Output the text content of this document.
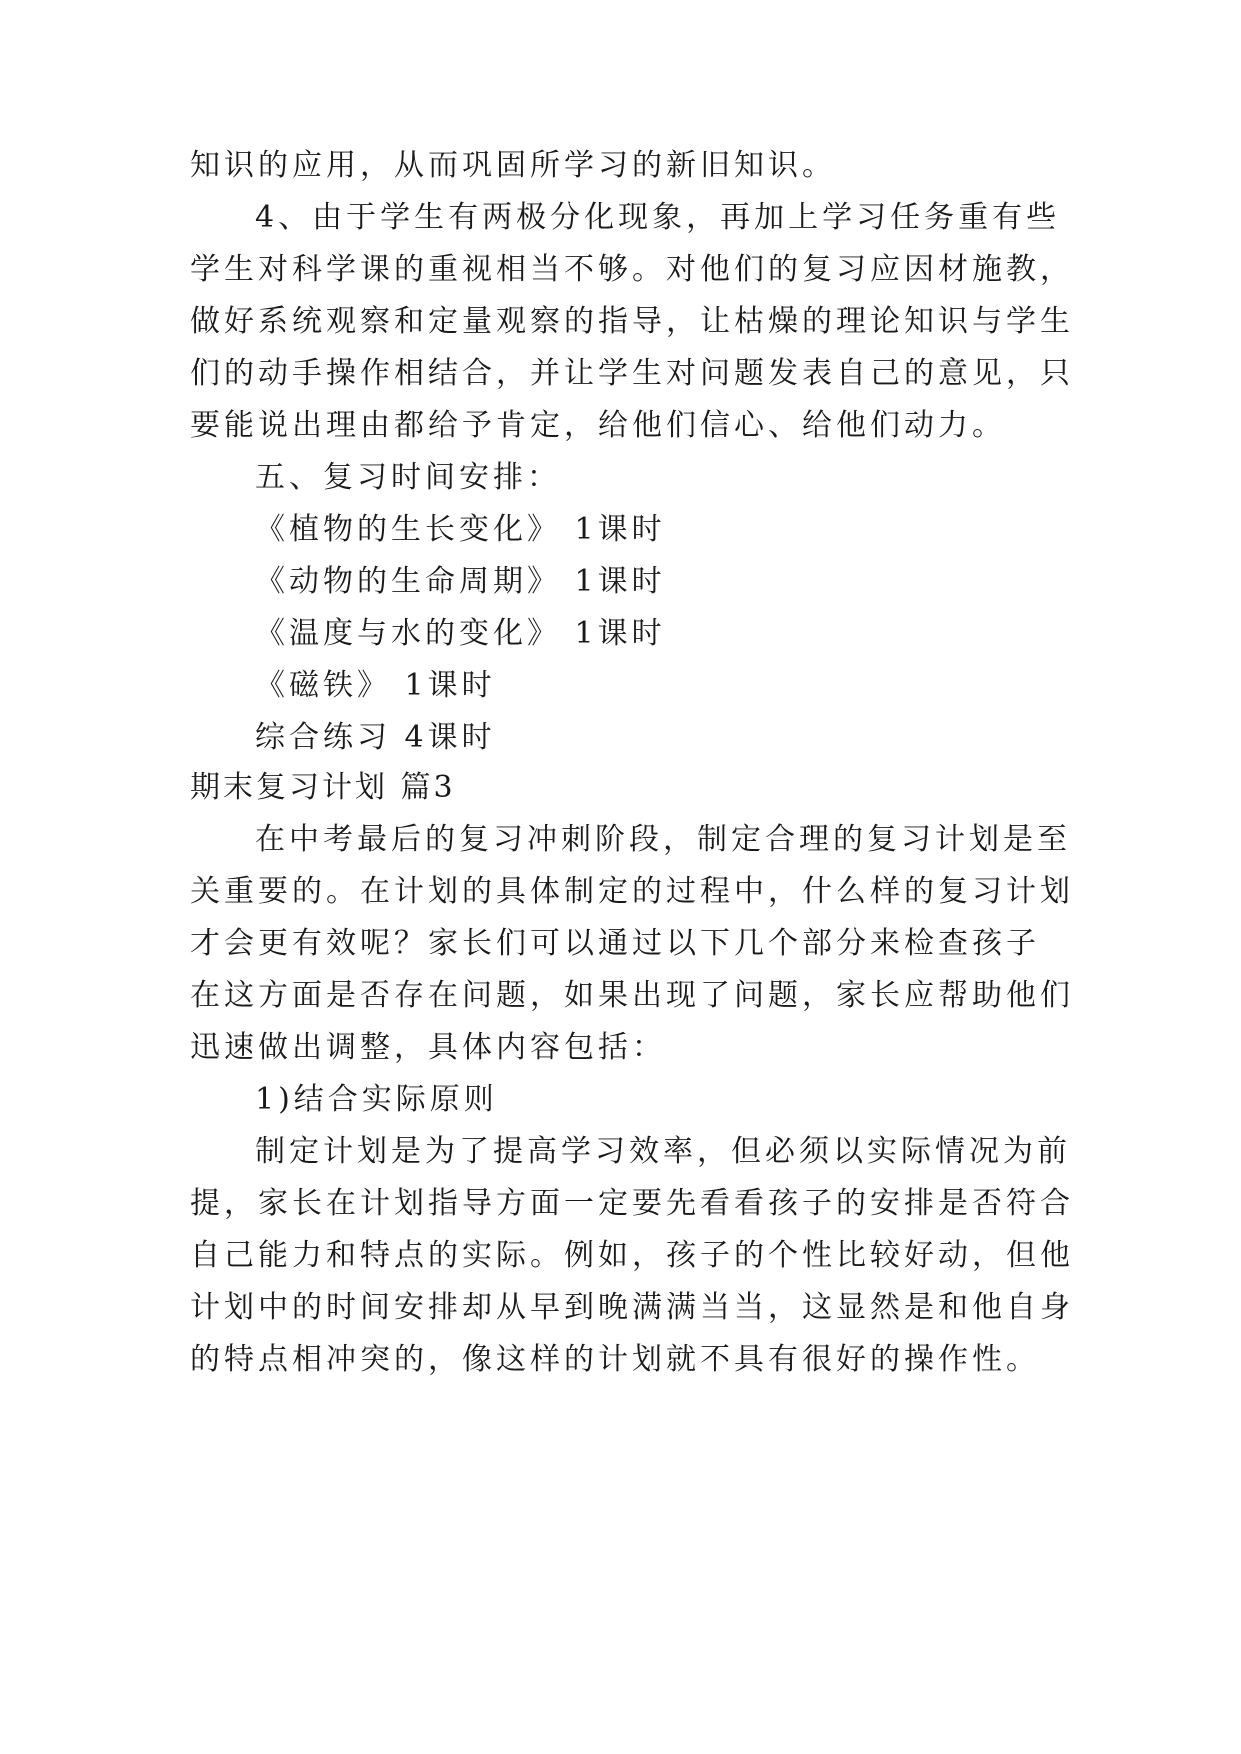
知识的应用，从而巩固所学习的新旧知识。

4、由于学生有两极分化现象，再加上学习任务重有些

学生对科学课的重视相当不够。对他们的复习应因材施教，

做好系统观察和定量观察的指导，让枯燥的理论知识与学生

们的动手操作相结合，并让学生对问题发表自己的意见，只

要能说出理由都给予肯定，给他们信心、给他们动力。

五、复习时间安排：

《植物的生长变化》 1课时

《动物的生命周期》 1课时

《温度与水的变化》 1课时

《磁铁》 1课时

综合练习 4课时

期末复习计划 篇3

在中考最后的复习冲刺阶段，制定合理的复习计划是至

关重要的。在计划的具体制定的过程中，什么样的复习计划

才会更有效呢？家长们可以通过以下几个部分来检查孩子

在这方面是否存在问题，如果出现了问题，家长应帮助他们

迅速做出调整，具体内容包括：

1)结合实际原则

制定计划是为了提高学习效率，但必须以实际情况为前

提，家长在计划指导方面一定要先看看孩子的安排是否符合

自己能力和特点的实际。例如，孩子的个性比较好动，但他

计划中的时间安排却从早到晚满满当当，这显然是和他自身

的特点相冲突的，像这样的计划就不具有很好的操作性。
